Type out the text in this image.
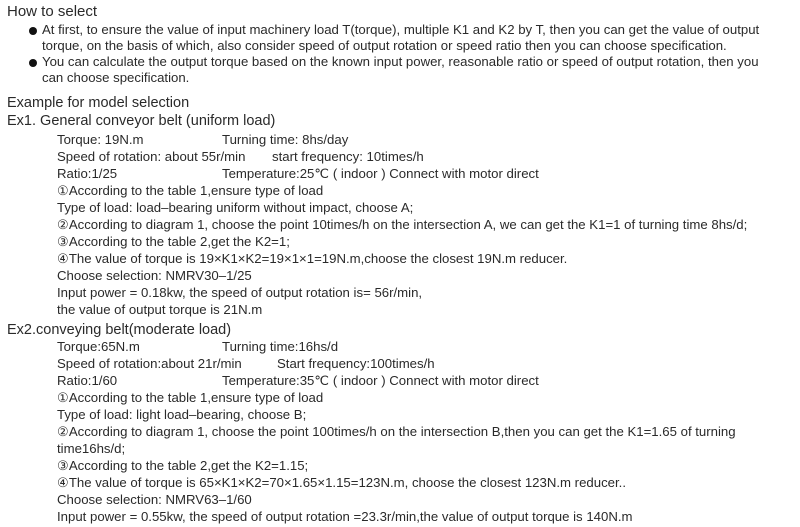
How to select
At first, to ensure the value of input machinery load T(torque), multiple K1 and K2 by T, then you can get the value of output
torque, on the basis of which, also consider speed of output rotation or speed ratio then you can choose specification.
You can calculate the output torque based on the known input power, reasonable ratio or speed of output rotation, then you
can choose specification.
Example for model selection
Ex1. General conveyor belt (uniform load)
Torque: 19N.m	Turning time: 8hs/day
Speed of rotation: about 55r/min start frequency: 10times/h
Ratio:1/25	Temperature:25℃ ( indoor ) Connect with motor direct
①According to the table 1,ensure type of load
Type of load: load–bearing uniform without impact, choose A;
②According to diagram 1, choose the point 10times/h on the intersection A, we can get the K1=1 of turning time 8hs/d;
③According to the table 2,get the K2=1;
④The value of torque is 19×K1×K2=19×1×1=19N.m,choose the closest 19N.m reducer.
Choose selection: NMRV30–1/25
Input power = 0.18kw, the speed of output rotation is= 56r/min,
the value of output torque is 21N.m
Ex2.conveying belt(moderate load)
Torque:65N.m	Turning time:16hs/d
Speed of rotation:about 21r/min	Start frequency:100times/h
Ratio:1/60	Temperature:35℃ ( indoor ) Connect with motor direct
①According to the table 1,ensure type of load
Type of load: light load–bearing, choose B;
②According to diagram 1, choose the point 100times/h on the intersection B,then you can get the K1=1.65 of turning
time16hs/d;
③According to the table 2,get the K2=1.15;
④The value of torque is 65×K1×K2=70×1.65×1.15=123N.m, choose the closest 123N.m reducer..
Choose selection: NMRV63–1/60
Input power = 0.55kw, the speed of output rotation =23.3r/min,the value of output torque is 140N.m
